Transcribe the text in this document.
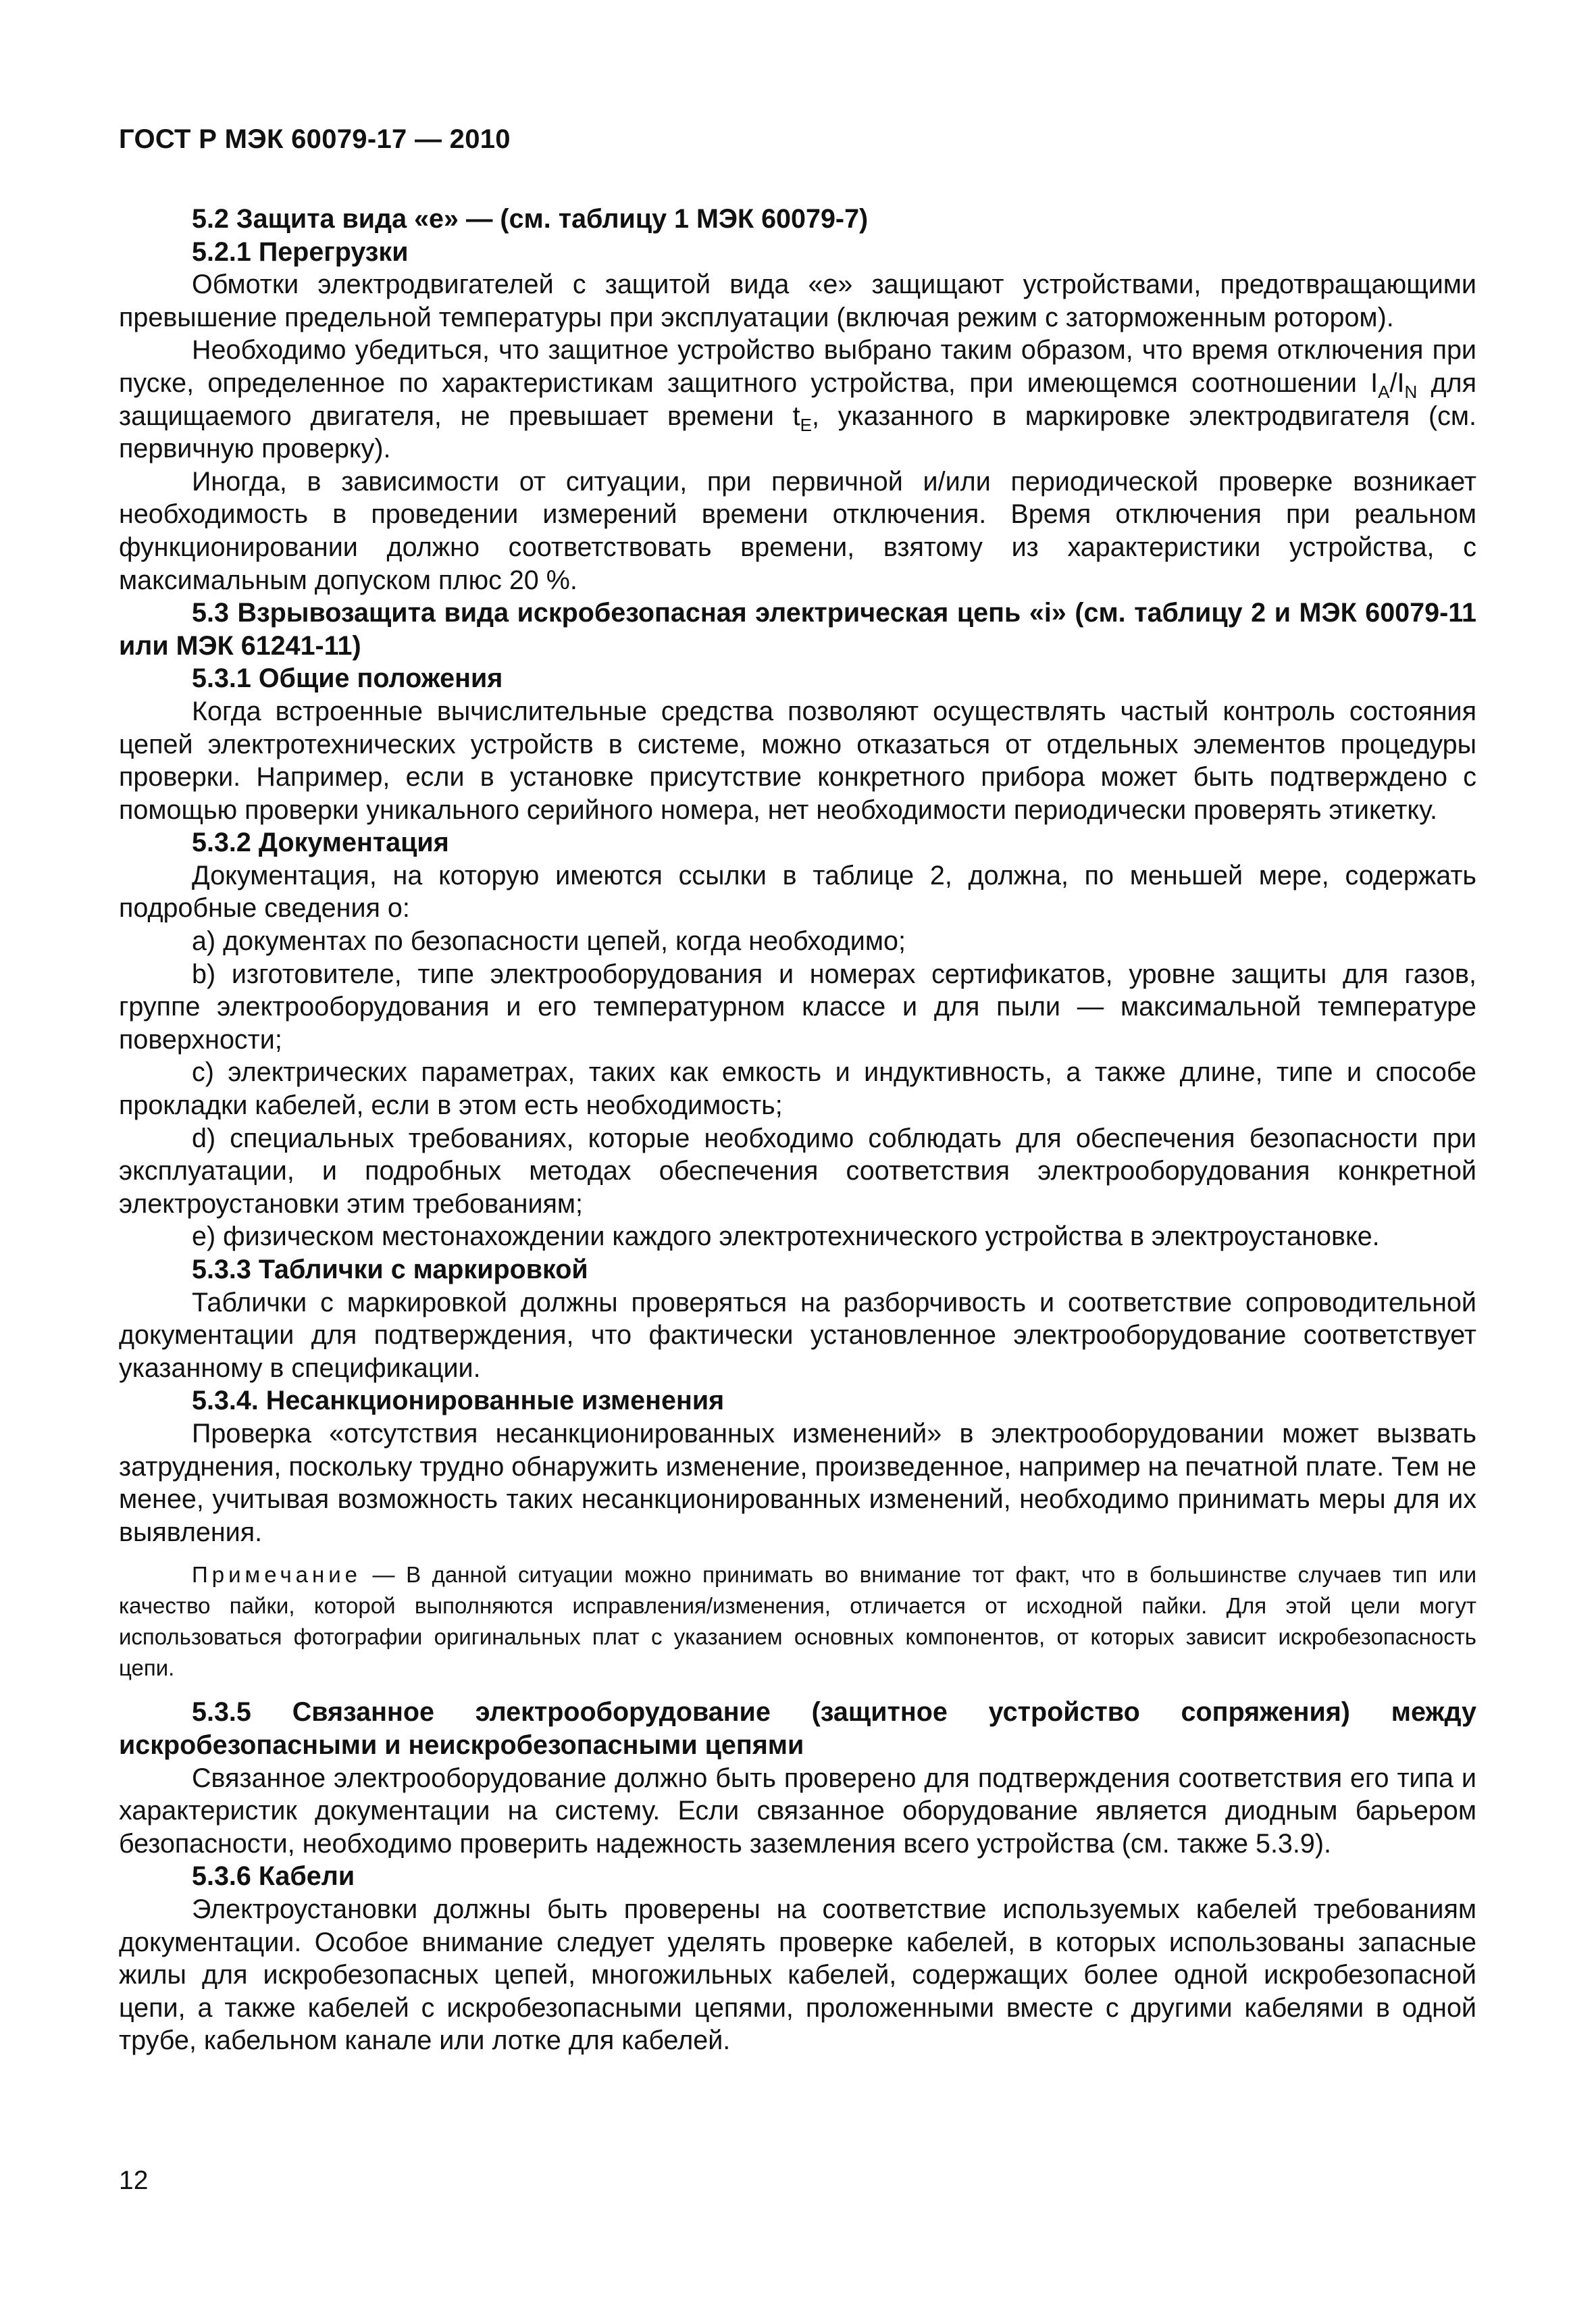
ГОСТ Р МЭК 60079-17 — 2010
5.2 Защита вида «е» — (см. таблицу 1 МЭК 60079-7)
5.2.1 Перегрузки

Обмотки электродвигателей с защитой вида «е» защищают устройствами, предотвращающими превышение предельной температуры при эксплуатации (включая режим с заторможенным ротором).

Необходимо убедиться, что защитное устройство выбрано таким образом, что время отключения при пуске, определенное по характеристикам защитного устройства, при имеющемся соотношении $I_A/I_N$ для защищаемого двигателя, не превышает времени $t_E$, указанного в маркировке электродвигателя (см. первичную проверку).

Иногда, в зависимости от ситуации, при первичной и/или периодической проверке возникает необходимость в проведении измерений времени отключения. Время отключения при реальном функционировании должно соответствовать времени, взятому из характеристики устройства, с максимальным допуском плюс 20 %.

5.3 Взрывозащита вида искробезопасная электрическая цепь «i» (см. таблицу 2 и МЭК 60079-11 или МЭК 61241-11)
5.3.1 Общие положения

Когда встроенные вычислительные средства позволяют осуществлять частый контроль состояния цепей электротехнических устройств в системе, можно отказаться от отдельных элементов процедуры проверки. Например, если в установке присутствие конкретного прибора может быть подтверждено с помощью проверки уникального серийного номера, нет необходимости периодически проверять этикетку.

5.3.2 Документация

Документация, на которую имеются ссылки в таблице 2, должна, по меньшей мере, содержать подробные сведения о:

a) документах по безопасности цепей, когда необходимо;

b) изготовителе, типе электрооборудования и номерах сертификатов, уровне защиты для газов, группе электрооборудования и его температурном классе и для пыли — максимальной температуре поверхности;

c) электрических параметрах, таких как емкость и индуктивность, а также длине, типе и способе прокладки кабелей, если в этом есть необходимость;

d) специальных требованиях, которые необходимо соблюдать для обеспечения безопасности при эксплуатации, и подробных методах обеспечения соответствия электрооборудования конкретной электроустановки этим требованиям;

e) физическом местонахождении каждого электротехнического устройства в электроустановке.

5.3.3 Таблички с маркировкой

Таблички с маркировкой должны проверяться на разборчивость и соответствие сопроводительной документации для подтверждения, что фактически установленное электрооборудование соответствует указанному в спецификации.

5.3.4. Несанкционированные изменения

Проверка «отсутствия несанкционированных изменений» в электрооборудовании может вызвать затруднения, поскольку трудно обнаружить изменение, произведенное, например на печатной плате. Тем не менее, учитывая возможность таких несанкционированных изменений, необходимо принимать меры для их выявления.

Примечание — В данной ситуации можно принимать во внимание тот факт, что в большинстве случаев тип или качество пайки, которой выполняются исправления/изменения, отличается от исходной пайки. Для этой цели могут использоваться фотографии оригинальных плат с указанием основных компонентов, от которых зависит искробезопасность цепи.

5.3.5 Связанное электрооборудование (защитное устройство сопряжения) между искробезопасными и неискробезопасными цепями

Связанное электрооборудование должно быть проверено для подтверждения соответствия его типа и характеристик документации на систему. Если связанное оборудование является диодным барьером безопасности, необходимо проверить надежность заземления всего устройства (см. также 5.3.9).

5.3.6 Кабели

Электроустановки должны быть проверены на соответствие используемых кабелей требованиям документации. Особое внимание следует уделять проверке кабелей, в которых использованы запасные жилы для искробезопасных цепей, многожильных кабелей, содержащих более одной искробезопасной цепи, а также кабелей с искробезопасными цепями, проложенными вместе с другими кабелями в одной трубе, кабельном канале или лотке для кабелей.

12
